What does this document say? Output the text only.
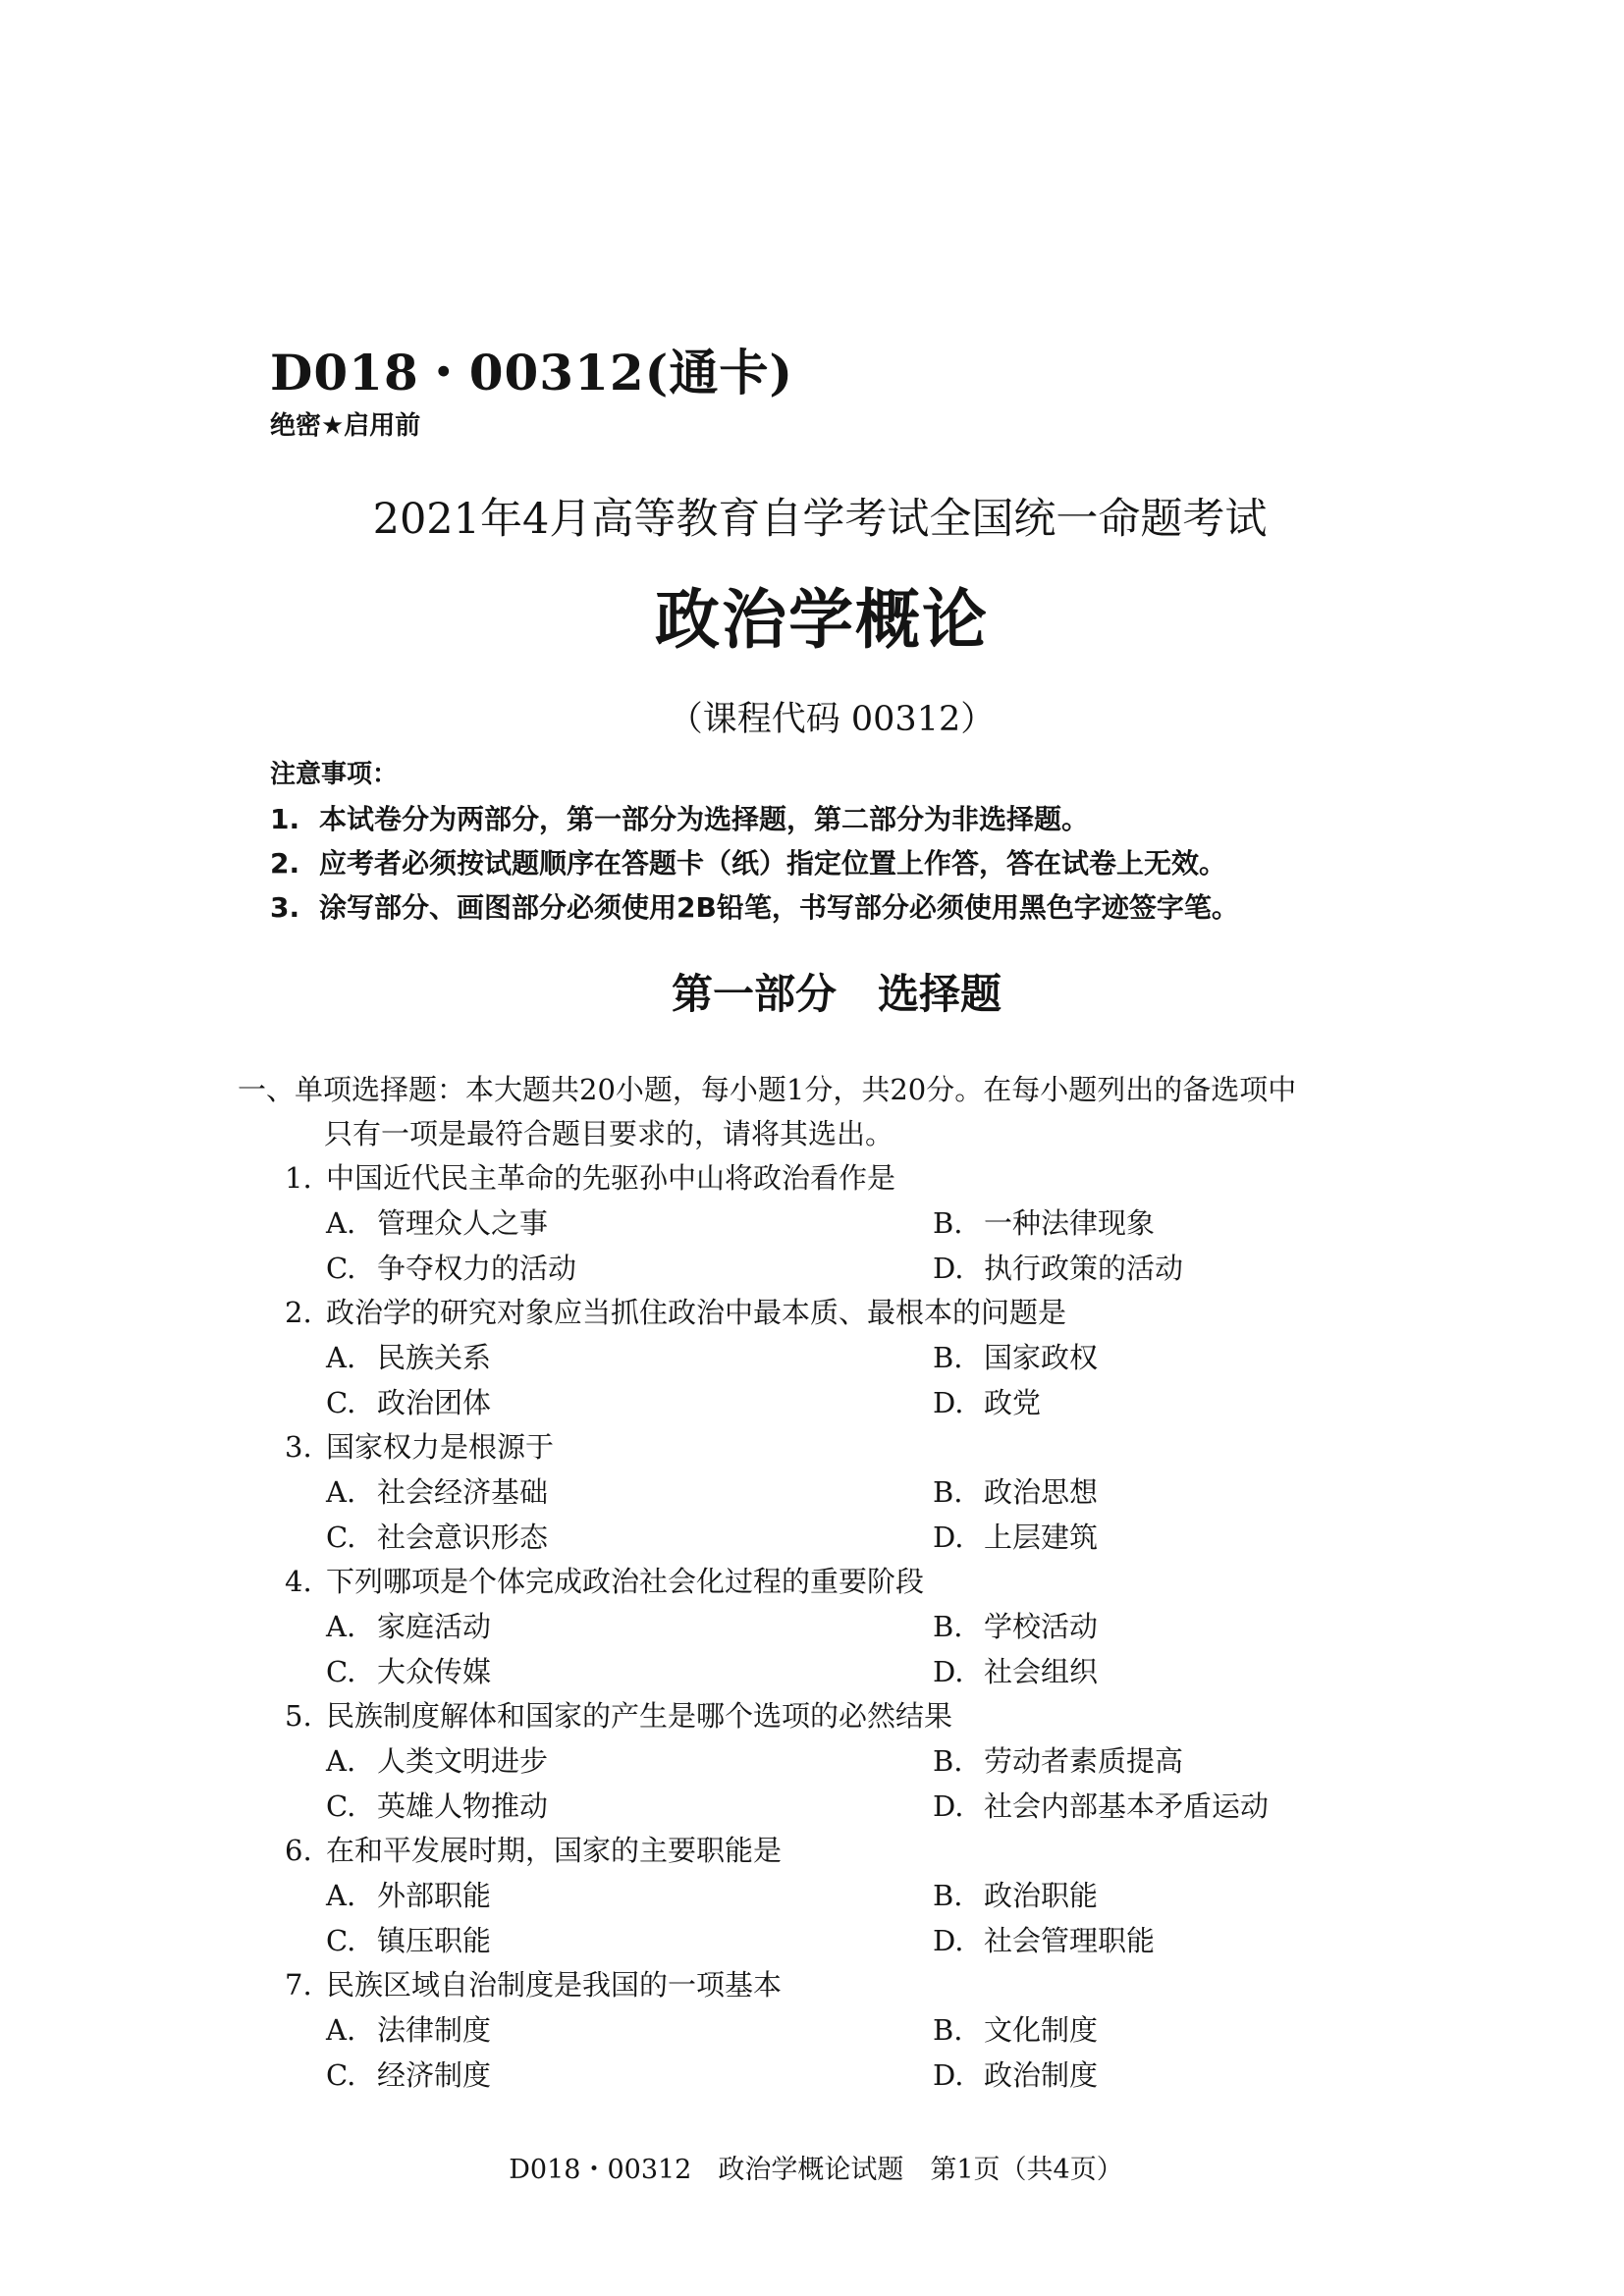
D018・00312(通卡)
绝密★启用前
2021年4月高等教育自学考试全国统一命题考试
政治学概论
（课程代码 00312）
注意事项：
1. 本试卷分为两部分，第一部分为选择题，第二部分为非选择题。
2. 应考者必须按试题顺序在答题卡（纸）指定位置上作答，答在试卷上无效。
3. 涂写部分、画图部分必须使用2B铅笔，书写部分必须使用黑色字迹签字笔。
第一部分　选择题
一、单项选择题：本大题共20小题，每小题1分，共20分。在每小题列出的备选项中
只有一项是最符合题目要求的，请将其选出。
1. 中国近代民主革命的先驱孙中山将政治看作是
A. 管理众人之事	B. 一种法律现象
C. 争夺权力的活动	D. 执行政策的活动
2. 政治学的研究对象应当抓住政治中最本质、最根本的问题是
A. 民族关系	B. 国家政权
C. 政治团体	D. 政党
3. 国家权力是根源于
A. 社会经济基础	B. 政治思想
C. 社会意识形态	D. 上层建筑
4. 下列哪项是个体完成政治社会化过程的重要阶段
A. 家庭活动	B. 学校活动
C. 大众传媒	D. 社会组织
5. 民族制度解体和国家的产生是哪个选项的必然结果
A. 人类文明进步	B. 劳动者素质提高
C. 英雄人物推动	D. 社会内部基本矛盾运动
6. 在和平发展时期，国家的主要职能是
A. 外部职能	B. 政治职能
C. 镇压职能	D. 社会管理职能
7. 民族区域自治制度是我国的一项基本
A. 法律制度	B. 文化制度
C. 经济制度	D. 政治制度
D018・00312　政治学概论试题　第1页（共4页）
